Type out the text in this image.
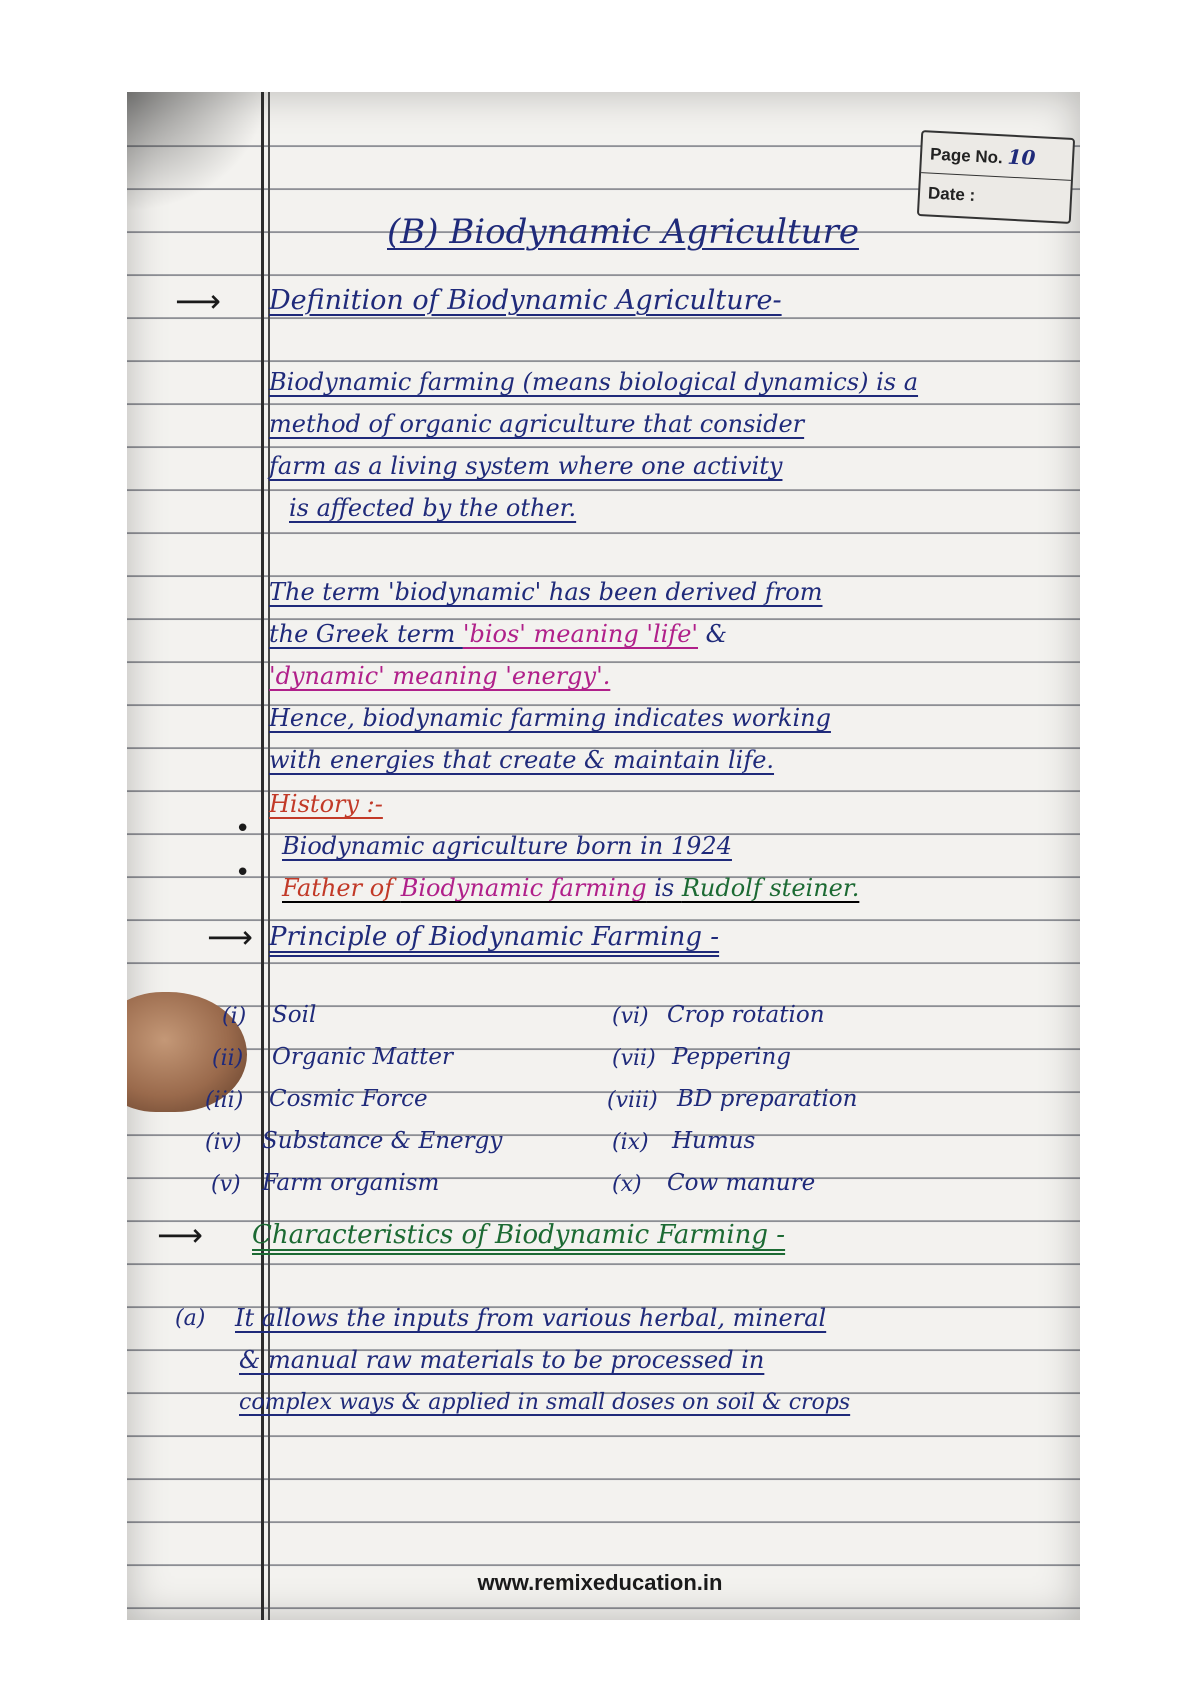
Page No. 10
Date :
(B) Biodynamic Agriculture
⟶ Definition of Biodynamic Agriculture-
Biodynamic farming (means biological dynamics) is a
method of organic agriculture that consider
farm as a living system where one activity
is affected by the other.
The term 'biodynamic' has been derived from
the Greek term 'bios' meaning 'life' &
'dynamic' meaning 'energy'.
Hence, biodynamic farming indicates working
with energies that create & maintain life.
History :-
•
Biodynamic agriculture born in 1924
• Father of Biodynamic farming is Rudolf steiner.
⟶ Principle of Biodynamic Farming -
(i) Soil
(ii) Organic Matter
(iii) Cosmic Force
(iv) Substance & Energy
(v) Farm organism
(vi) Crop rotation
(vii) Peppering
(viii) BD preparation
(ix) Humus
(x) Cow manure
⟶ Characteristics of Biodynamic Farming -
(a) It allows the inputs from various herbal, mineral
& manual raw materials to be processed in
complex ways & applied in small doses on soil & crops
www.remixeducation.in
